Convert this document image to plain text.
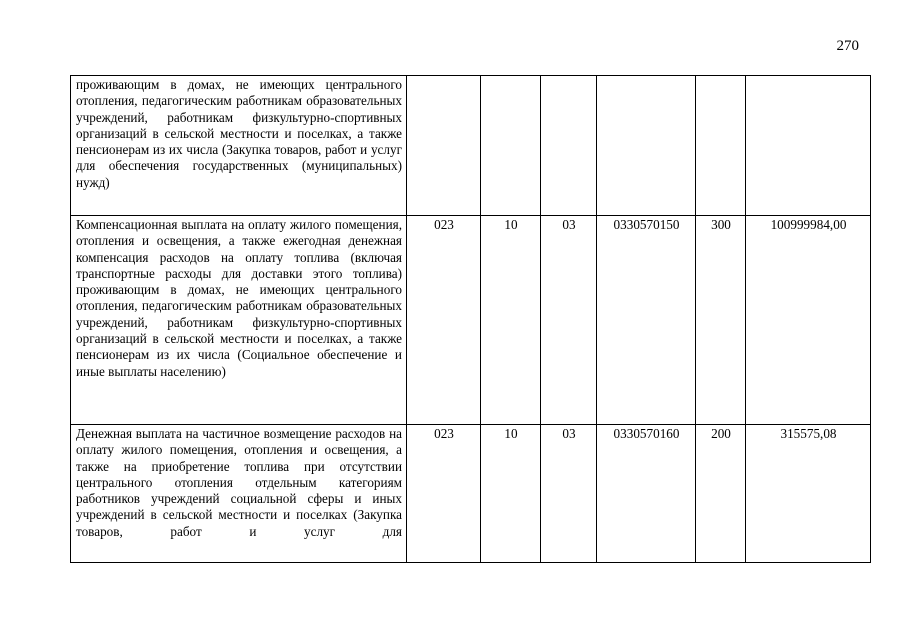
270
проживающим в домах, не имеющих центрального отопления, педагогическим работникам образовательных учреждений, работникам физкультурно-спортивных организаций в сельской местности и поселках, а также пенсионерам из их числа (Закупка товаров, работ и услуг для обеспечения государственных (муниципальных) нужд)						

Компенсационная выплата на оплату жилого помещения, отопления и освещения, а также ежегодная денежная компенсация расходов на оплату топлива (включая транспортные расходы для доставки этого топлива) проживающим в домах, не имеющих центрального отопления, педагогическим работникам образовательных учреждений, работникам физкультурно-спортивных организаций в сельской местности и поселках, а также пенсионерам из их числа (Социальное обеспечение и иные выплаты населению)	023	10	03	0330570150	300	100999984,00

Денежная выплата на частичное возмещение расходов на оплату жилого помещения, отопления и освещения, а также на приобретение топлива при отсутствии центрального отопления отдельным категориям работников учреждений социальной сферы и иных учреждений в сельской местности и поселках (Закупка товаров, работ и услуг для	023	10	03	0330570160	200	315575,08
